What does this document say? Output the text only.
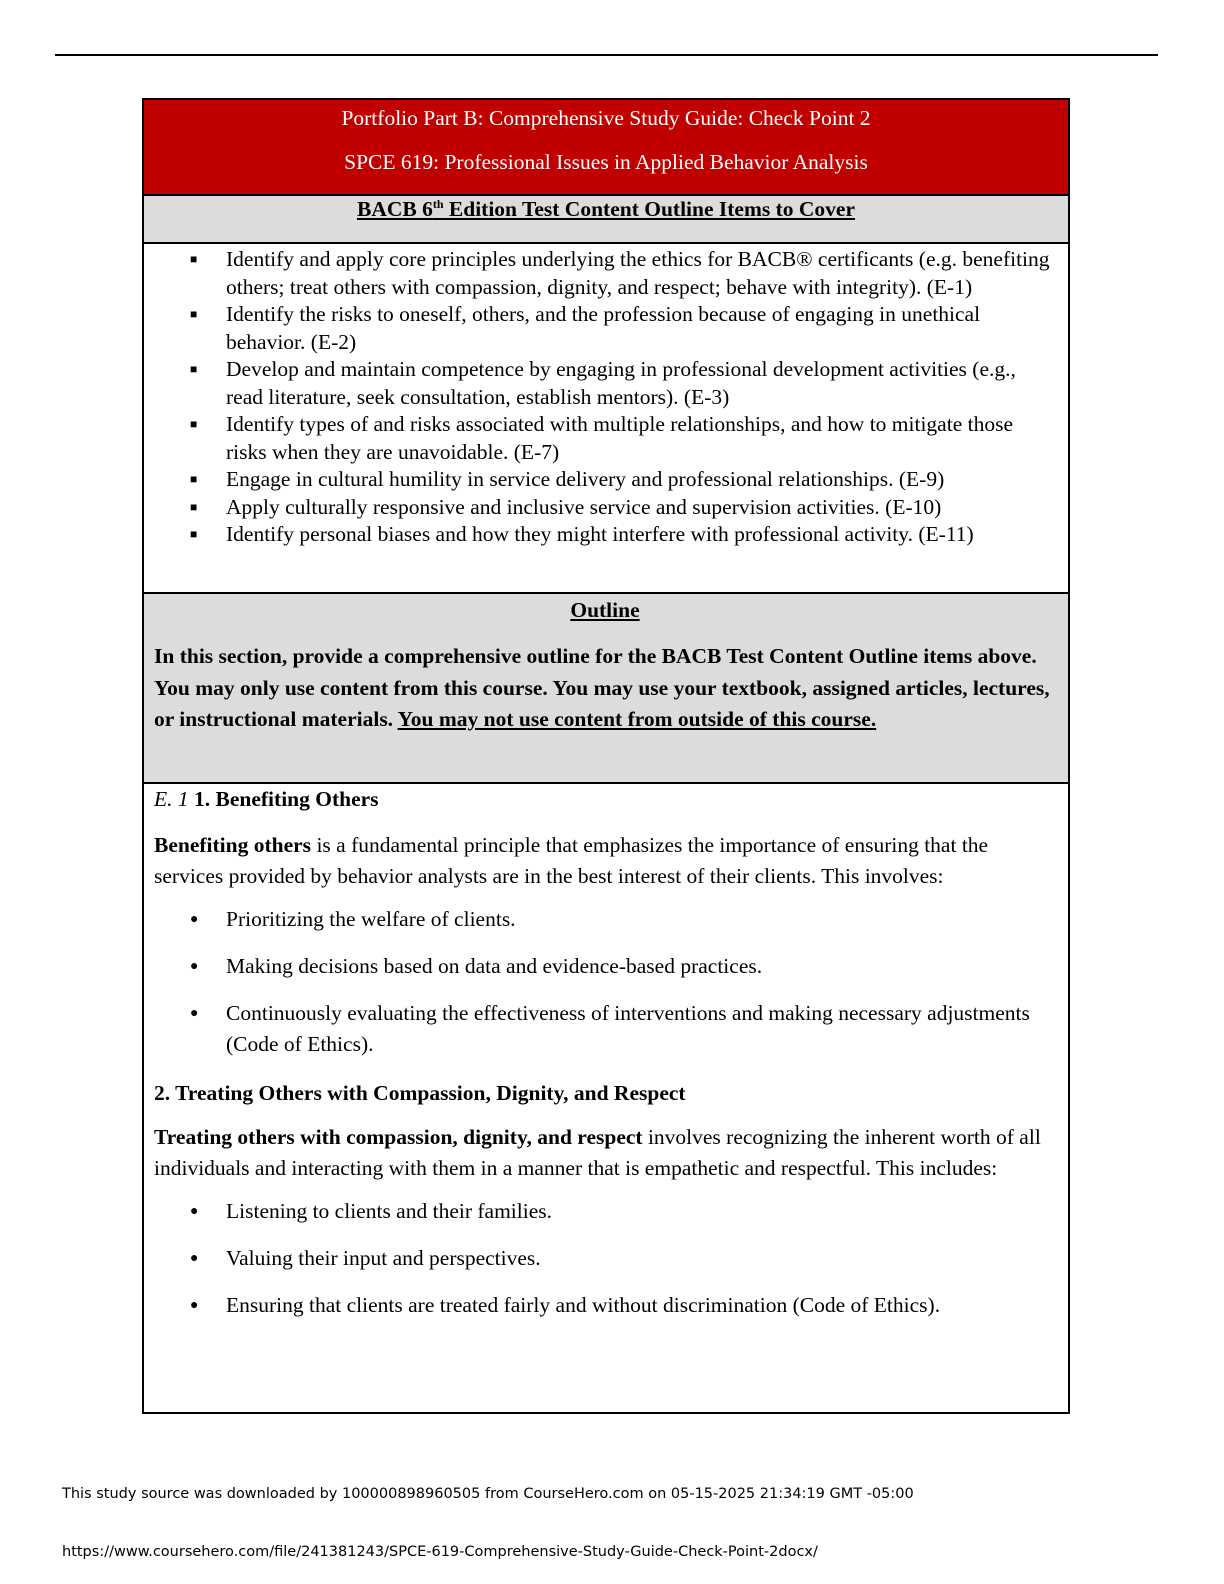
Portfolio Part B: Comprehensive Study Guide: Check Point 2
SPCE 619: Professional Issues in Applied Behavior Analysis
BACB 6th Edition Test Content Outline Items to Cover
■ Identify and apply core principles underlying the ethics for BACB® certificants (e.g. benefiting others; treat others with compassion, dignity, and respect; behave with integrity). (E-1)
■ Identify the risks to oneself, others, and the profession because of engaging in unethical behavior. (E-2)
■ Develop and maintain competence by engaging in professional development activities (e.g., read literature, seek consultation, establish mentors). (E-3)
■ Identify types of and risks associated with multiple relationships, and how to mitigate those risks when they are unavoidable. (E-7)
■ Engage in cultural humility in service delivery and professional relationships. (E-9)
■ Apply culturally responsive and inclusive service and supervision activities. (E-10)
■ Identify personal biases and how they might interfere with professional activity. (E-11)
Outline
In this section, provide a comprehensive outline for the BACB Test Content Outline items above. You may only use content from this course. You may use your textbook, assigned articles, lectures, or instructional materials. You may not use content from outside of this course.
E. 1 1. Benefiting Others
Benefiting others is a fundamental principle that emphasizes the importance of ensuring that the services provided by behavior analysts are in the best interest of their clients. This involves:
● Prioritizing the welfare of clients.
● Making decisions based on data and evidence-based practices.
● Continuously evaluating the effectiveness of interventions and making necessary adjustments (Code of Ethics).
2. Treating Others with Compassion, Dignity, and Respect
Treating others with compassion, dignity, and respect involves recognizing the inherent worth of all individuals and interacting with them in a manner that is empathetic and respectful. This includes:
● Listening to clients and their families.
● Valuing their input and perspectives.
● Ensuring that clients are treated fairly and without discrimination (Code of Ethics).
This study source was downloaded by 100000898960505 from CourseHero.com on 05-15-2025 21:34:19 GMT -05:00
https://www.coursehero.com/file/241381243/SPCE-619-Comprehensive-Study-Guide-Check-Point-2docx/
